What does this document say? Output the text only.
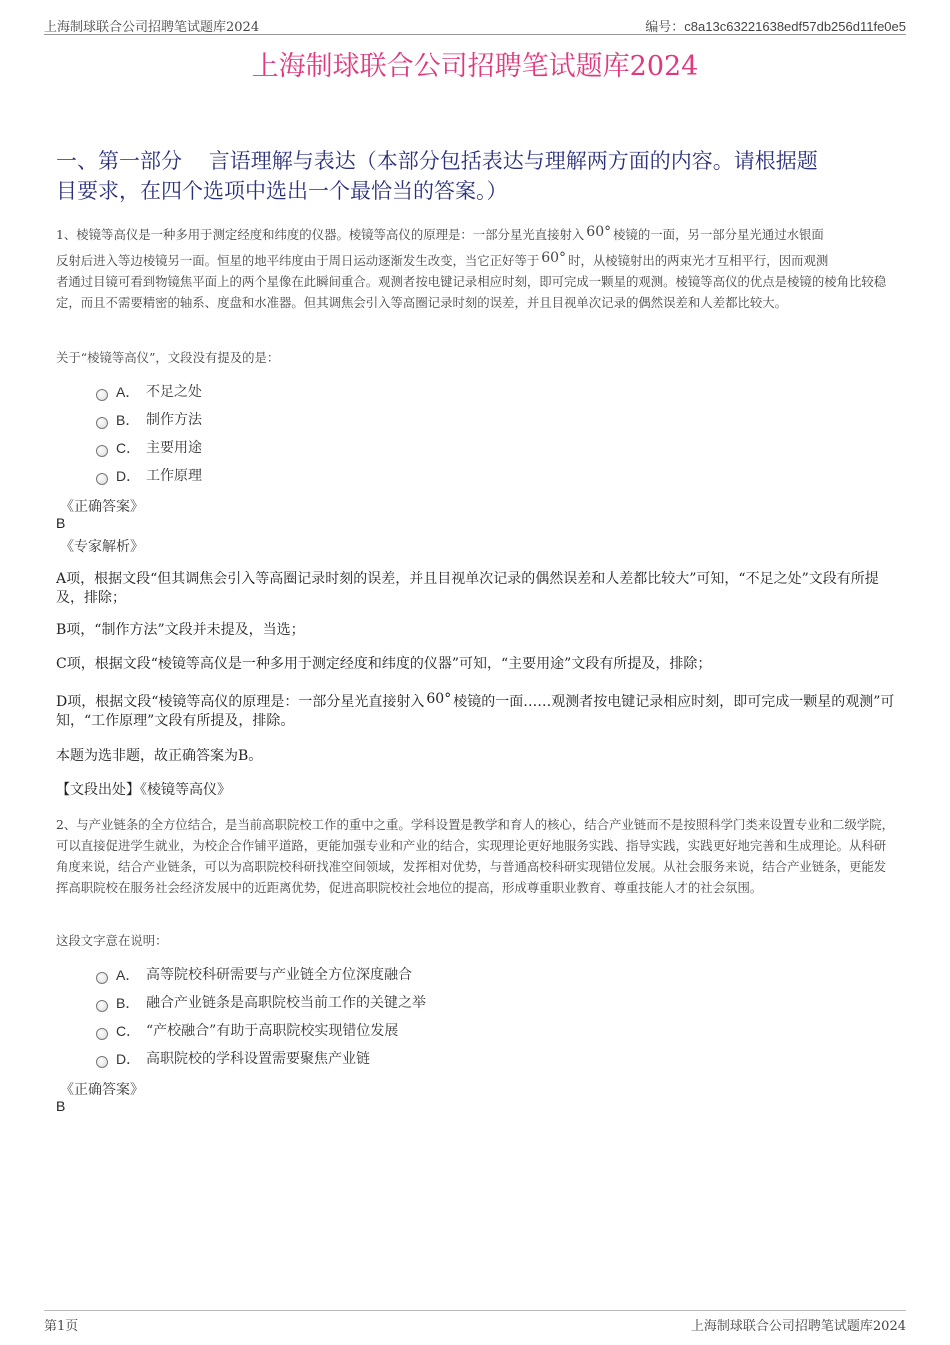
上海制球联合公司招聘笔试题库2024	编号：c8a13c63221638edf57db256d11fe0e5
上海制球联合公司招聘笔试题库2024
一、第一部分    言语理解与表达（本部分包括表达与理解两方面的内容。请根据题
目要求，在四个选项中选出一个最恰当的答案。）

1、棱镜等高仪是一种多用于测定经度和纬度的仪器。棱镜等高仪的原理是：一部分星光直接射入 60° 棱镜的一面，另一部分星光通过水银面

反射后进入等边棱镜另一面。恒星的地平纬度由于周日运动逐渐发生改变，当它正好等于 60° 时，从棱镜射出的两束光才互相平行，因而观测

者通过目镜可看到物镜焦平面上的两个星像在此瞬间重合。观测者按电键记录相应时刻，即可完成一颗星的观测。棱镜等高仪的优点是棱镜的棱角比较稳定，而且不需要精密的轴系、度盘和水准器。但其调焦会引入等高圈记录时刻的误差，并且目视单次记录的偶然误差和人差都比较大。

关于“棱镜等高仪”，文段没有提及的是：
A． 不足之处
B． 制作方法
C． 主要用途
D． 工作原理
《正确答案》
B
《专家解析》

A项，根据文段“但其调焦会引入等高圈记录时刻的误差，并且目视单次记录的偶然误差和人差都比较大”可知，“不足之处”文段有所提及，排除；

B项，“制作方法”文段并未提及，当选；

C项，根据文段“棱镜等高仪是一种多用于测定经度和纬度的仪器”可知，“主要用途”文段有所提及，排除；

D项，根据文段“棱镜等高仪的原理是：一部分星光直接射入 60° 棱镜的一面……观测者按电键记录相应时刻，即可完成一颗星的观测”可知，“工作原理”文段有所提及，排除。

本题为选非题，故正确答案为B。

【文段出处】《棱镜等高仪》

2、与产业链条的全方位结合，是当前高职院校工作的重中之重。学科设置是教学和育人的核心，结合产业链而不是按照科学门类来设置专业和二级学院，可以直接促进学生就业，为校企合作铺平道路，更能加强专业和产业的结合，实现理论更好地服务实践、指导实践，实践更好地完善和生成理论。从科研角度来说，结合产业链条，可以为高职院校科研找准空间领域，发挥相对优势，与普通高校科研实现错位发展。从社会服务来说，结合产业链条，更能发挥高职院校在服务社会经济发展中的近距离优势，促进高职院校社会地位的提高，形成尊重职业教育、尊重技能人才的社会氛围。

这段文字意在说明：
A． 高等院校科研需要与产业链全方位深度融合
B． 融合产业链条是高职院校当前工作的关键之举
C． “产校融合”有助于高职院校实现错位发展
D． 高职院校的学科设置需要聚焦产业链
《正确答案》
B
第1页	上海制球联合公司招聘笔试题库2024
